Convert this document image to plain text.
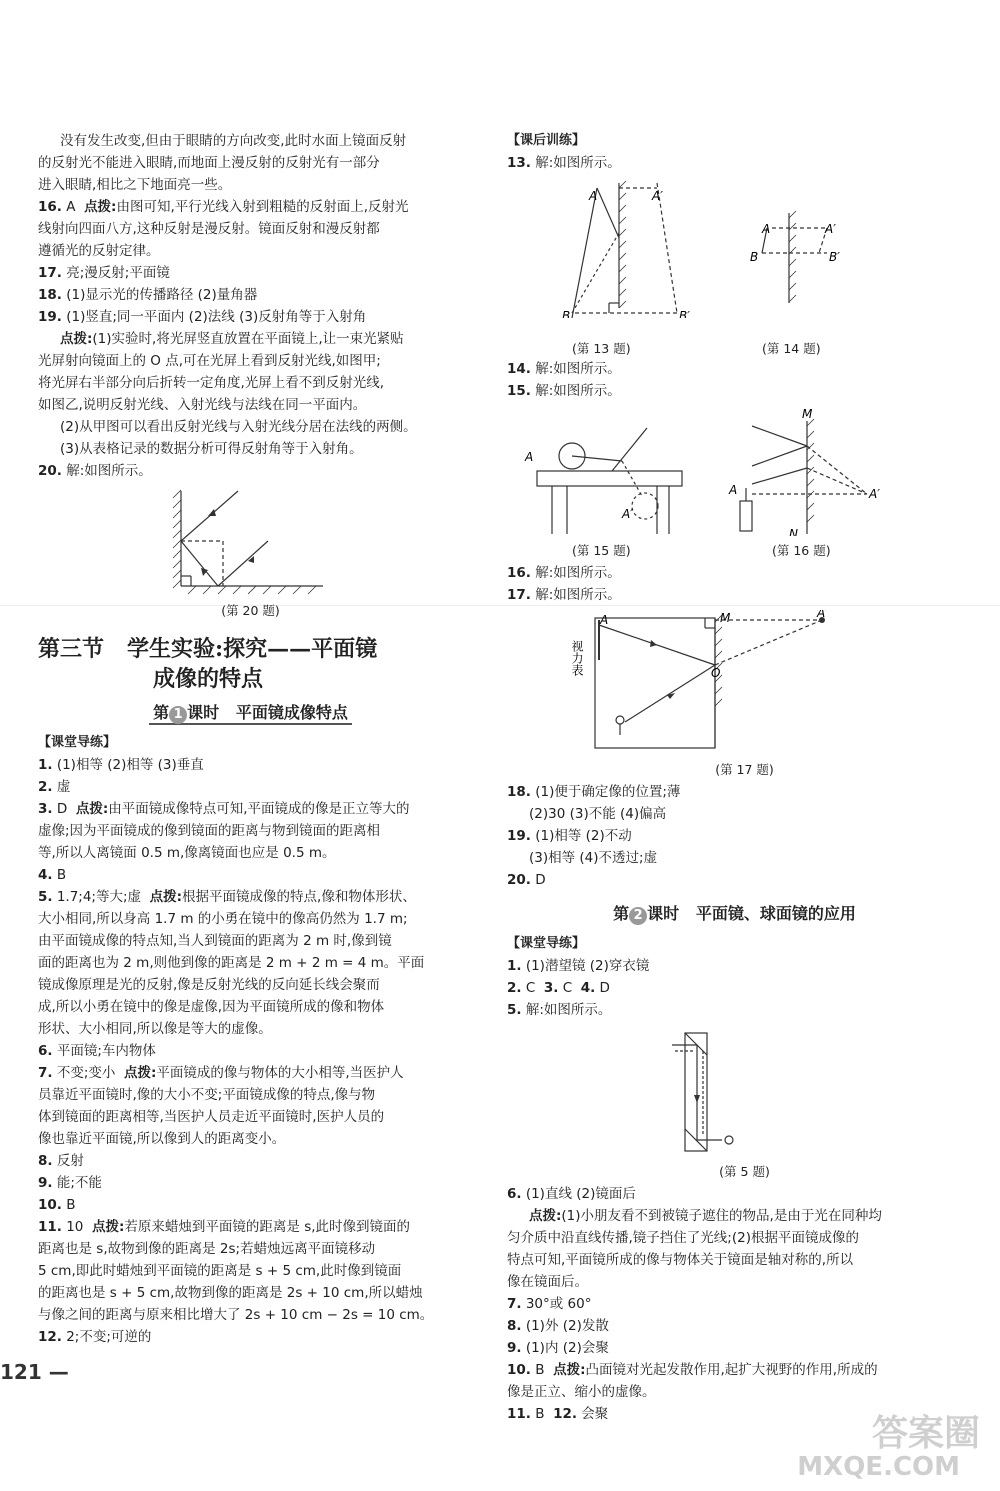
没有发生改变,但由于眼睛的方向改变,此时水面上镜面反射

的反射光不能进入眼睛,而地面上漫反射的反射光有一部分

进入眼睛,相比之下地面亮一些。

16. A 点拨:由图可知,平行光线入射到粗糙的反射面上,反射光

线射向四面八方,这种反射是漫反射。镜面反射和漫反射都

遵循光的反射定律。

17. 亮;漫反射;平面镜

18. (1)显示光的传播路径 (2)量角器

19. (1)竖直;同一平面内 (2)法线 (3)反射角等于入射角

点拨:(1)实验时,将光屏竖直放置在平面镜上,让一束光紧贴

光屏射向镜面上的 O 点,可在光屏上看到反射光线,如图甲;

将光屏右半部分向后折转一定角度,光屏上看不到反射光线,

如图乙,说明反射光线、入射光线与法线在同一平面内。

(2)从甲图可以看出反射光线与入射光线分居在法线的两侧。

(3)从表格记录的数据分析可得反射角等于入射角。

20. 解:如图所示。

(第 20 题)
第三节 学生实验:探究——平面镜
成像的特点
第 1 课时 平面镜成像特点

【课堂导练】

1. (1)相等 (2)相等 (3)垂直

2. 虚

3. D 点拨:由平面镜成像特点可知,平面镜成的像是正立等大的

虚像;因为平面镜成的像到镜面的距离与物到镜面的距离相

等,所以人离镜面 0.5 m,像离镜面也应是 0.5 m。

4. B

5. 1.7;4;等大;虚 点拨:根据平面镜成像的特点,像和物体形状、

大小相同,所以身高 1.7 m 的小勇在镜中的像高仍然为 1.7 m;

由平面镜成像的特点知,当人到镜面的距离为 2 m 时,像到镜

面的距离也为 2 m,则他到像的距离是 2 m + 2 m = 4 m。平面

镜成像原理是光的反射,像是反射光线的反向延长线会聚而

成,所以小勇在镜中的像是虚像,因为平面镜所成的像和物体

形状、大小相同,所以像是等大的虚像。

6. 平面镜;车内物体

7. 不变;变小 点拨:平面镜成的像与物体的大小相等,当医护人

员靠近平面镜时,像的大小不变;平面镜成像的特点,像与物

体到镜面的距离相等,当医护人员走近平面镜时,医护人员的

像也靠近平面镜,所以像到人的距离变小。

8. 反射

9. 能;不能

10. B

11. 10 点拨:若原来蜡烛到平面镜的距离是 s,此时像到镜面的

距离也是 s,故物到像的距离是 2s;若蜡烛远离平面镜移动

5 cm,即此时蜡烛到平面镜的距离是 s + 5 cm,此时像到镜面

的距离也是 s + 5 cm,故物到像的距离是 2s + 10 cm,所以蜡烛

与像之间的距离与原来相比增大了 2s + 10 cm − 2s = 10 cm。

12. 2;不变;可逆的

【课后训练】

13. 解:如图所示。

A	A′
B	B′
A	A′
B	B′
(第 13 题)	(第 14 题)

14. 解:如图所示。

15. 解:如图所示。

A
A′
M
A	A′
N
(第 15 题)	(第 16 题)

16. 解:如图所示。

17. 解:如图所示。

A	M	A′
O
视力表
(第 17 题)

18. (1)便于确定像的位置;薄

(2)30 (3)不能 (4)偏高

19. (1)相等 (2)不动

(3)相等 (4)不透过;虚

20. D

第 2 课时 平面镜、球面镜的应用

【课堂导练】

1. (1)潜望镜 (2)穿衣镜

2. C 3. C 4. D

5. 解:如图所示。

(第 5 题)

6. (1)直线 (2)镜面后

点拨:(1)小朋友看不到被镜子遮住的物品,是由于光在同种均

匀介质中沿直线传播,镜子挡住了光线;(2)根据平面镜成像的

特点可知,平面镜所成的像与物体关于镜面是轴对称的,所以

像在镜面后。

7. 30°或 60°

8. (1)外 (2)发散

9. (1)内 (2)会聚

10. B 点拨:凸面镜对光起发散作用,起扩大视野的作用,所成的

像是正立、缩小的虚像。

11. B 12. 会聚

121 —
答案圈
MXQE.COM
